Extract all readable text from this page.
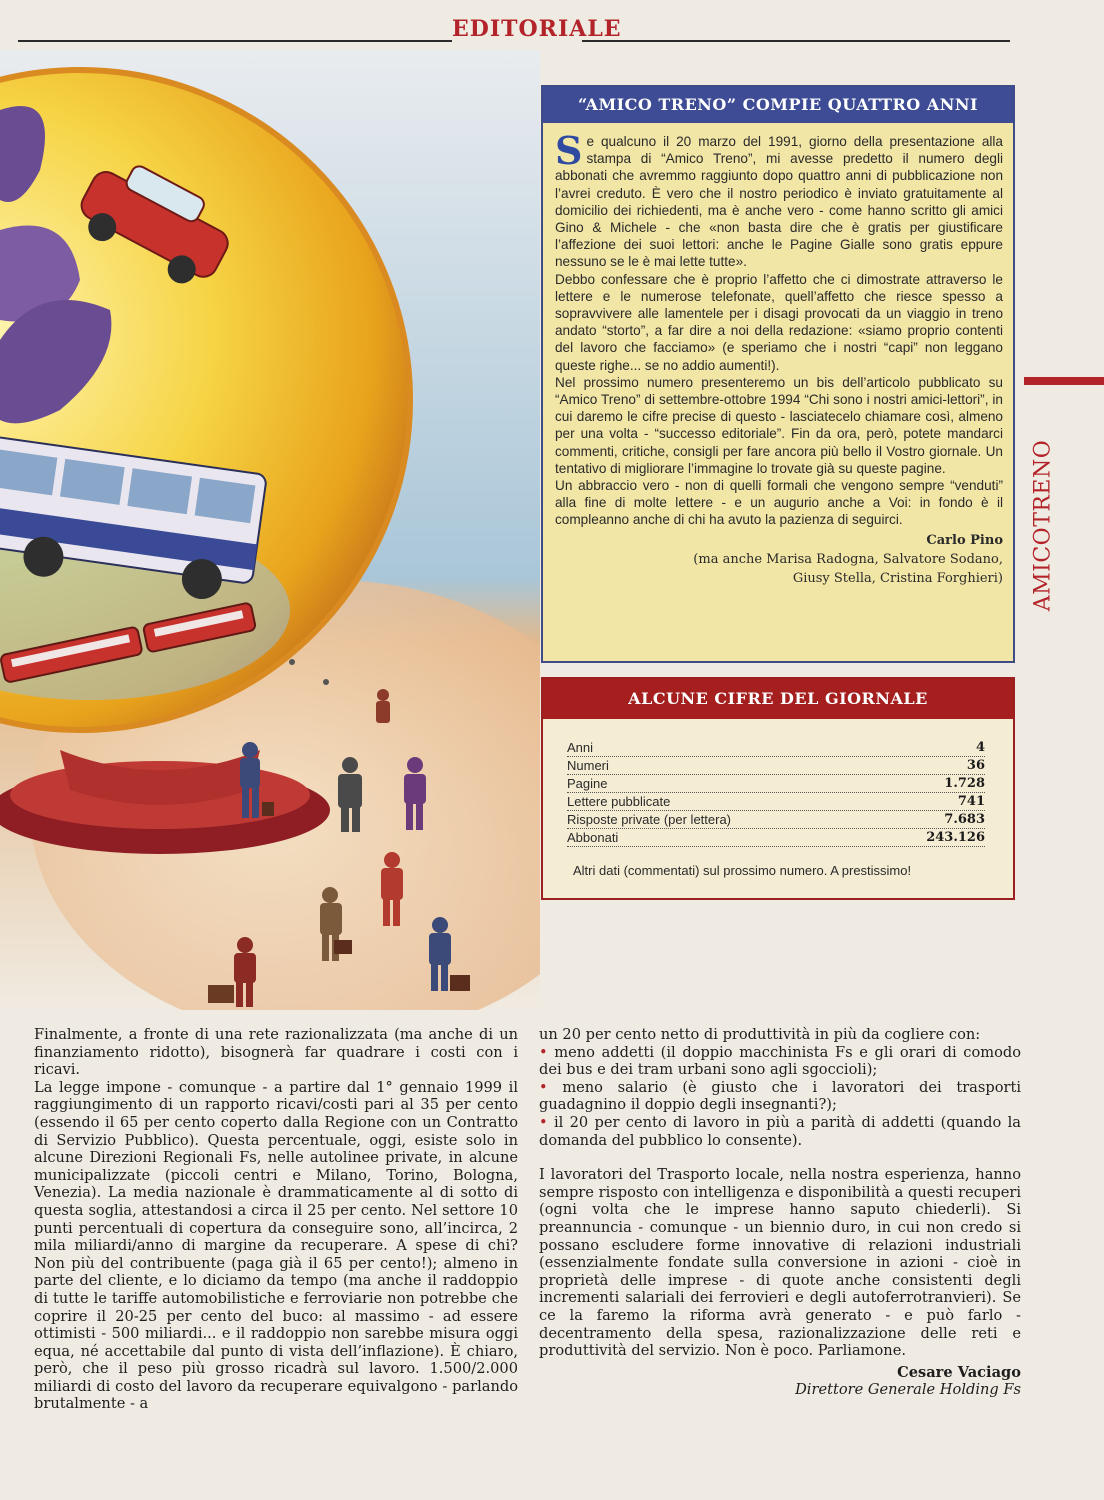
EDITORIALE
“AMICO TRENO” COMPIE QUATTRO ANNI

Se qualcuno il 20 marzo del 1991, giorno della presentazione alla stampa di “Amico Treno”, mi avesse predetto il numero degli abbonati che avremmo raggiunto dopo quattro anni di pubblicazione non l’avrei creduto. È vero che il nostro periodico è inviato gratuitamente al domicilio dei richiedenti, ma è anche vero - come hanno scritto gli amici Gino & Michele - che «non basta dire che è gratis per giustificare l’affezione dei suoi lettori: anche le Pagine Gialle sono gratis eppure nessuno se le è mai lette tutte».

Debbo confessare che è proprio l’affetto che ci dimostrate attraverso le lettere e le numerose telefonate, quell’affetto che riesce spesso a sopravvivere alle lamentele per i disagi provocati da un viaggio in treno andato “storto”, a far dire a noi della redazione: «siamo proprio contenti del lavoro che facciamo» (e speriamo che i nostri “capi” non leggano queste righe... se no addio aumenti!).

Nel prossimo numero presenteremo un bis dell’articolo pubblicato su “Amico Treno” di settembre-ottobre 1994 “Chi sono i nostri amici-lettori”, in cui daremo le cifre precise di questo - lasciatecelo chiamare così, almeno per una volta - “successo editoriale”. Fin da ora, però, potete mandarci commenti, critiche, consigli per fare ancora più bello il Vostro giornale. Un tentativo di migliorare l’immagine lo trovate già su queste pagine.

Un abbraccio vero - non di quelli formali che vengono sempre “venduti” alla fine di molte lettere - e un augurio anche a Voi: in fondo è il compleanno anche di chi ha avuto la pazienza di seguirci.

Carlo Pino
(ma anche Marisa Radogna, Salvatore Sodano,
Giusy Stella, Cristina Forghieri)
ALCUNE CIFRE DEL GIORNALE
Anni	4
Numeri	36
Pagine	1.728
Lettere pubblicate	741
Risposte private (per lettera)	7.683
Abbonati	243.126
Altri dati (commentati) sul prossimo numero. A prestissimo!
AMICOTRENO

Finalmente, a fronte di una rete razionalizzata (ma anche di un finanziamento ridotto), bisognerà far quadrare i costi con i ricavi.

La legge impone - comunque - a partire dal 1° gennaio 1999 il raggiungimento di un rapporto ricavi/costi pari al 35 per cento (essendo il 65 per cento coperto dalla Regione con un Contratto di Servizio Pubblico). Questa percentuale, oggi, esiste solo in alcune Direzioni Regionali Fs, nelle autolinee private, in alcune municipalizzate (piccoli centri e Milano, Torino, Bologna, Venezia). La media nazionale è drammaticamente al di sotto di questa soglia, attestandosi a circa il 25 per cento. Nel settore 10 punti percentuali di copertura da conseguire sono, all’incirca, 2 mila miliardi/anno di margine da recuperare. A spese di chi? Non più del contribuente (paga già il 65 per cento!); almeno in parte del cliente, e lo diciamo da tempo (ma anche il raddoppio di tutte le tariffe automobilistiche e ferroviarie non potrebbe che coprire il 20-25 per cento del buco: al massimo - ad essere ottimisti - 500 miliardi... e il raddoppio non sarebbe misura oggi equa, né accettabile dal punto di vista dell’inflazione). È chiaro, però, che il peso più grosso ricadrà sul lavoro. 1.500/2.000 miliardi di costo del lavoro da recuperare equivalgono - parlando brutalmente - a

un 20 per cento netto di produttività in più da cogliere con:

• meno addetti (il doppio macchinista Fs e gli orari di comodo dei bus e dei tram urbani sono agli sgoccioli);

• meno salario (è giusto che i lavoratori dei trasporti guadagnino il doppio degli insegnanti?);

• il 20 per cento di lavoro in più a parità di addetti (quando la domanda del pubblico lo consente).

I lavoratori del Trasporto locale, nella nostra esperienza, hanno sempre risposto con intelligenza e disponibilità a questi recuperi (ogni volta che le imprese hanno saputo chiederli). Si preannuncia - comunque - un biennio duro, in cui non credo si possano escludere forme innovative di relazioni industriali (essenzialmente fondate sulla conversione in azioni - cioè in proprietà delle imprese - di quote anche consistenti degli incrementi salariali dei ferrovieri e degli autoferrotranvieri). Se ce la faremo la riforma avrà generato - e può farlo - decentramento della spesa, razionalizzazione delle reti e produttività del servizio. Non è poco. Parliamone.

Cesare Vaciago
Direttore Generale Holding Fs
